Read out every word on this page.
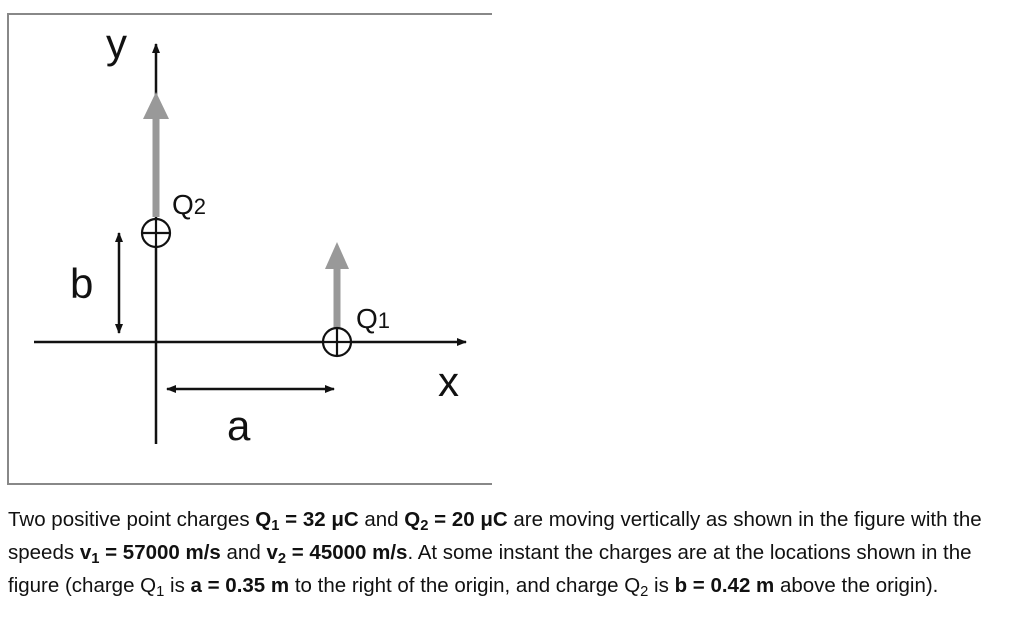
y
x
Q2
Q1
b
a

Two positive point charges $Q_1 = 32$ μC and $Q_2 = 20$ μC are moving vertically as shown in the figure with the speeds $v_1 = 57000$ m/s and $v_2 = 45000$ m/s. At some instant the charges are at the locations shown in the figure (charge $Q_1$ is a = 0.35 m to the right of the origin, and charge $Q_2$ is b = 0.42 m above the origin).
